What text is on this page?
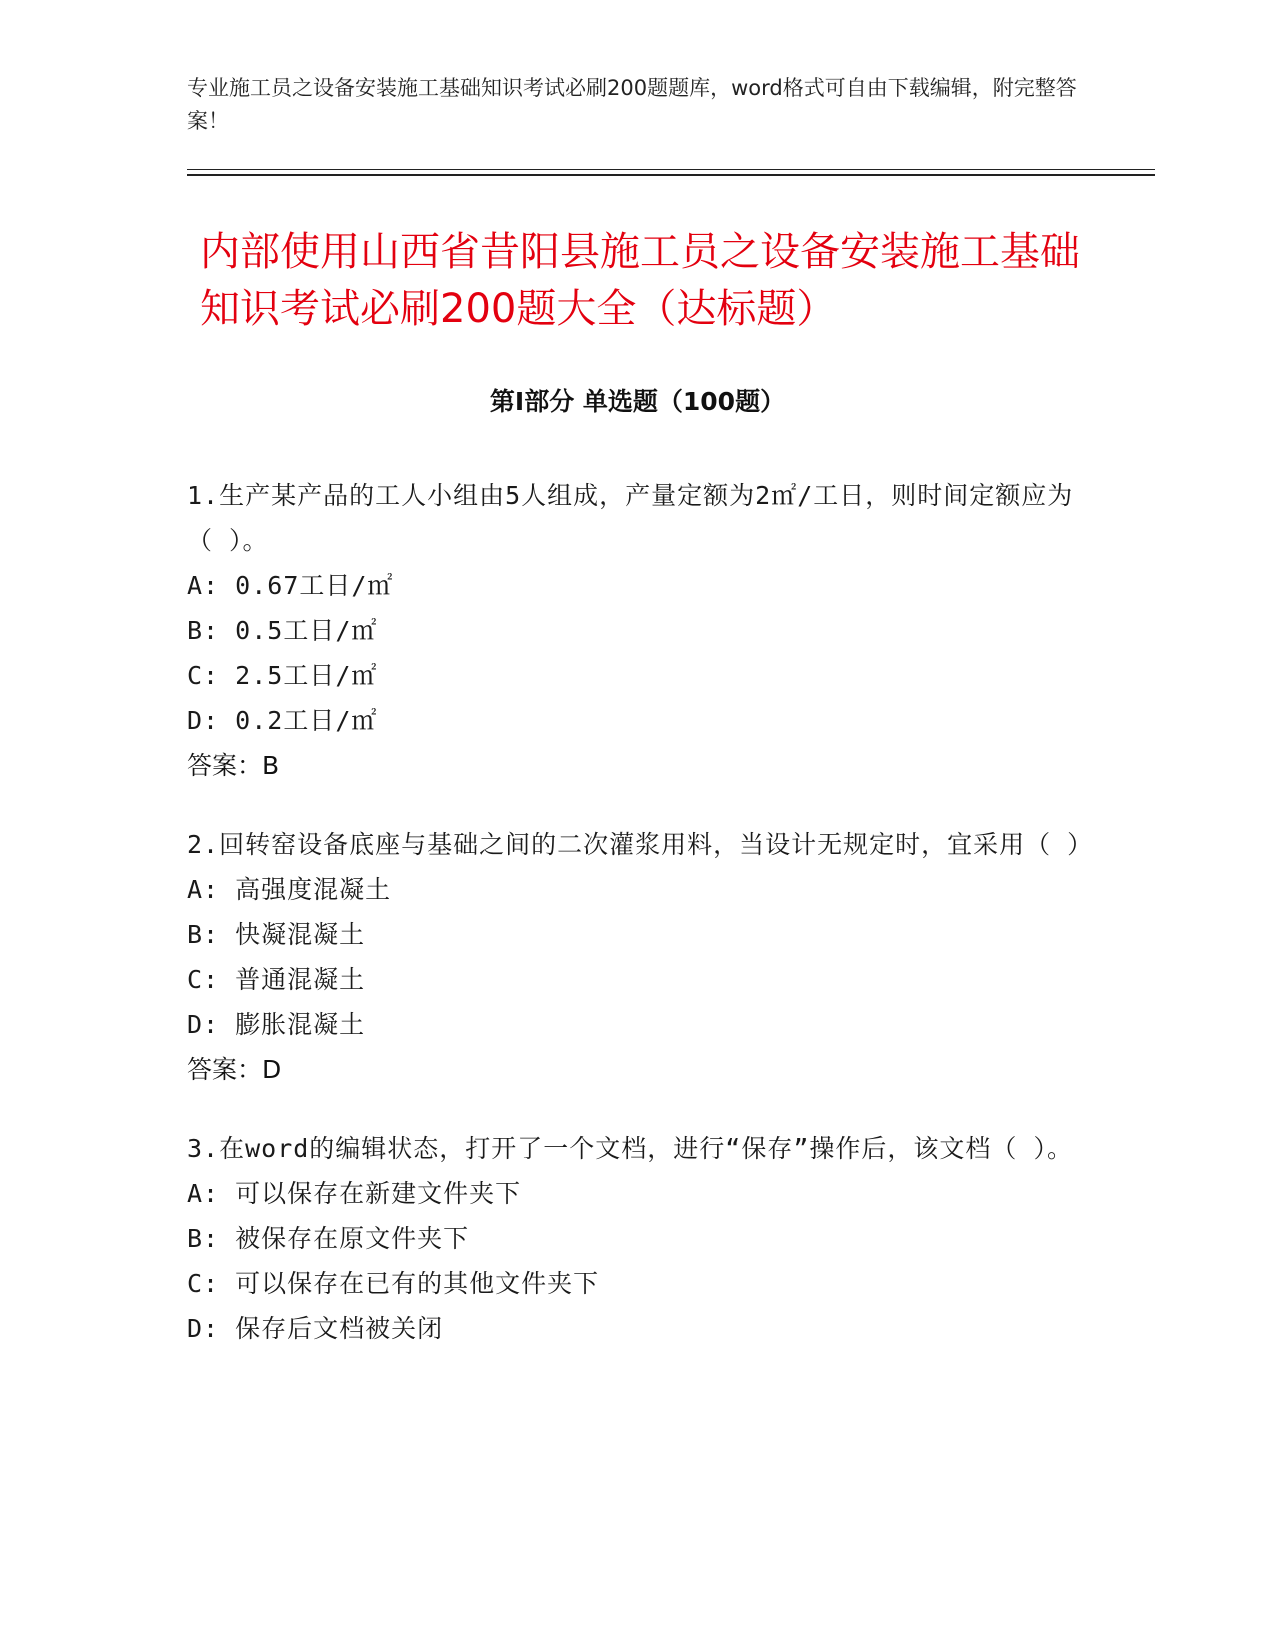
专业施工员之设备安装施工基础知识考试必刷200题题库，word格式可自由下载编辑，附完整答案！
内部使用山西省昔阳县施工员之设备安装施工基础知识考试必刷200题大全（达标题）
第I部分 单选题（100题）
1.生产某产品的工人小组由5人组成，产量定额为2㎡/工日，则时间定额应为（ ）。
A: 0.67工日/㎡
B: 0.5工日/㎡
C: 2.5工日/㎡
D: 0.2工日/㎡
答案：B
2.回转窑设备底座与基础之间的二次灌浆用料，当设计无规定时，宜采用（ ）
A: 高强度混凝土
B: 快凝混凝土
C: 普通混凝土
D: 膨胀混凝土
答案：D
3.在word的编辑状态，打开了一个文档，进行“保存”操作后，该文档（ ）。
A: 可以保存在新建文件夹下
B: 被保存在原文件夹下
C: 可以保存在已有的其他文件夹下
D: 保存后文档被关闭
